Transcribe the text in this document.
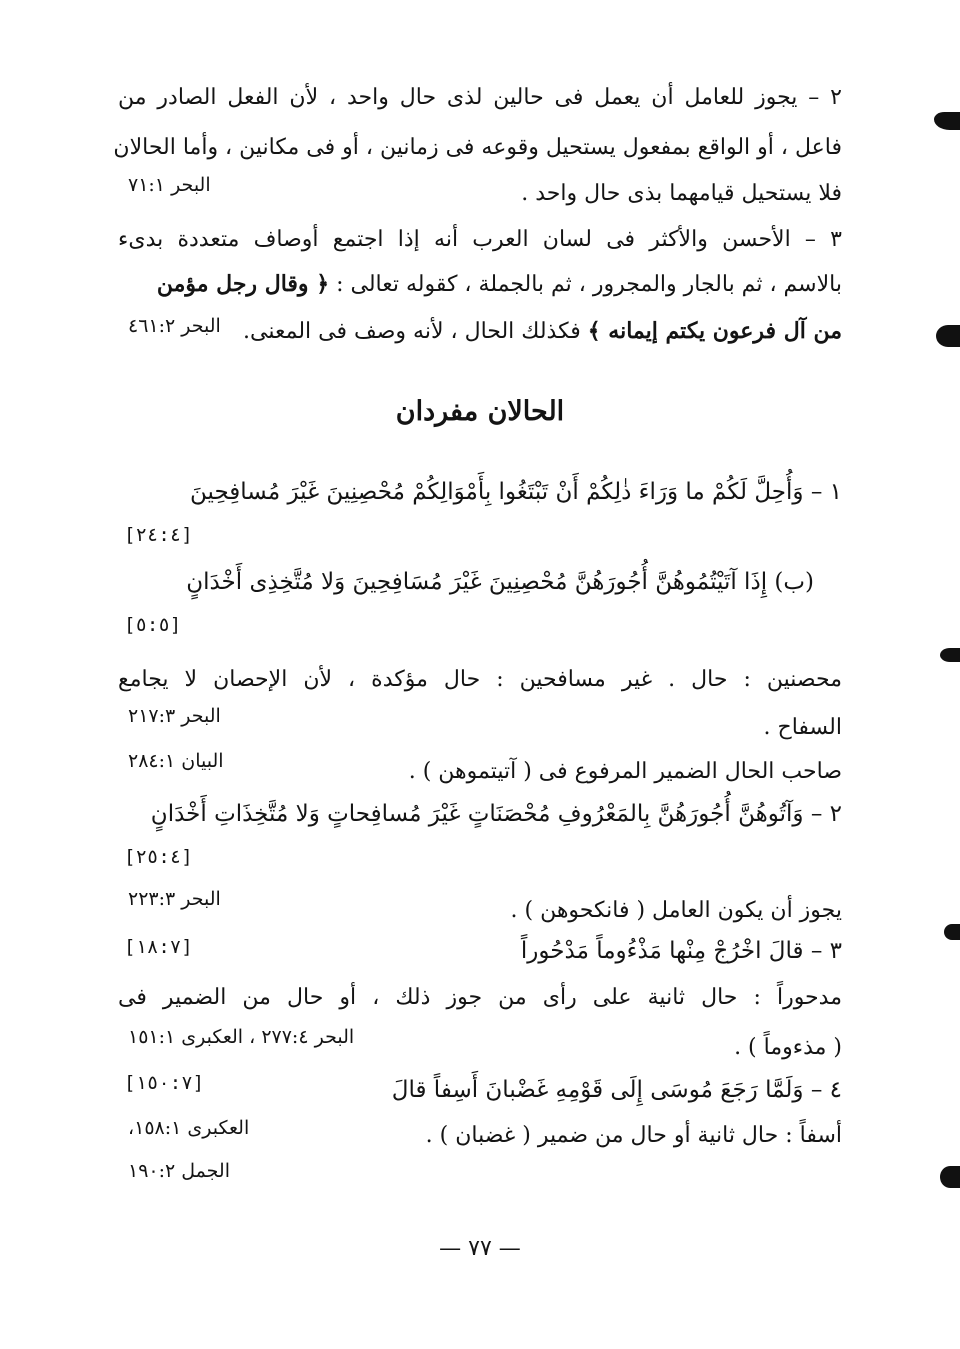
٢ – يجوز للعامل أن يعمل فى حالين لذى حال واحد ، لأن الفعل الصادر من
فاعل ، أو الواقع بمفعول يستحيل وقوعه فى زمانين ، أو فى مكانين ، وأما الحالان
فلا يستحيل قيامهما بذى حال واحد .
البحر ٧١:١
٣ – الأحسن والأكثر فى لسان العرب أنه إذا اجتمع أوصاف متعددة بدىء
بالاسم ، ثم بالجار والمجرور ، ثم بالجملة ، كقوله تعالى : ﴿ وقال رجل مؤمن
من آل فرعون يكتم إيمانه ﴾ فكذلك الحال ، لأنه وصف فى المعنى.
البحر ٤٦١:٢
الحالان مفردان
١ – وَأُحِلَّ لَكُمْ ما وَرَاءَ ذٰلِكُمْ أَنْ تَبْتَغُوا بِأَمْوَالِكُمْ مُحْصِنِينَ غَيْرَ مُسافِحِينَ
[٢٤:٤]
(ب) إِذَا آتَيْتُمُوهُنَّ أُجُورَهُنَّ مُحْصِنِينَ غَيْرَ مُسَافِحِينَ وَلا مُتَّخِذِى أَخْدَانٍ
[٥:٥]
محصنين : حال . غير مسافحين : حال مؤكدة ، لأن الإحصان لا يجامع
السفاح .
البحر ٢١٧:٣
صاحب الحال الضمير المرفوع فى ( آتيتموهن ) .
البيان ٢٨٤:١
٢ – وَآتُوهُنَّ أُجُورَهُنَّ بِالمَعْرُوفِ مُحْصَنَاتٍ غَيْرَ مُسافِحاتٍ وَلا مُتَّخِذَاتِ أَخْدَانٍ
[٢٥:٤]
يجوز أن يكون العامل ( فانكحوهن ) .
البحر ٢٢٣:٣
٣ – قالَ اخْرُجْ مِنْها مَذْءُوماً مَدْحُوراً
[١٨:٧]
مدحوراً : حال ثانية على رأى من جوز ذلك ، أو حال من الضمير فى
( مذءوماً ) .
البحر ٢٧٧:٤ ، العكبرى ١٥١:١
٤ – وَلَمَّا رَجَعَ مُوسَى إِلَى قَوْمِهِ غَضْبانَ أَسِفاً قالَ
[١٥٠:٧]
أسفاً : حال ثانية أو حال من ضمير ( غضبان ) .
العكبرى ١٥٨:١،
الجمل ١٩٠:٢
— ٧٧ —
